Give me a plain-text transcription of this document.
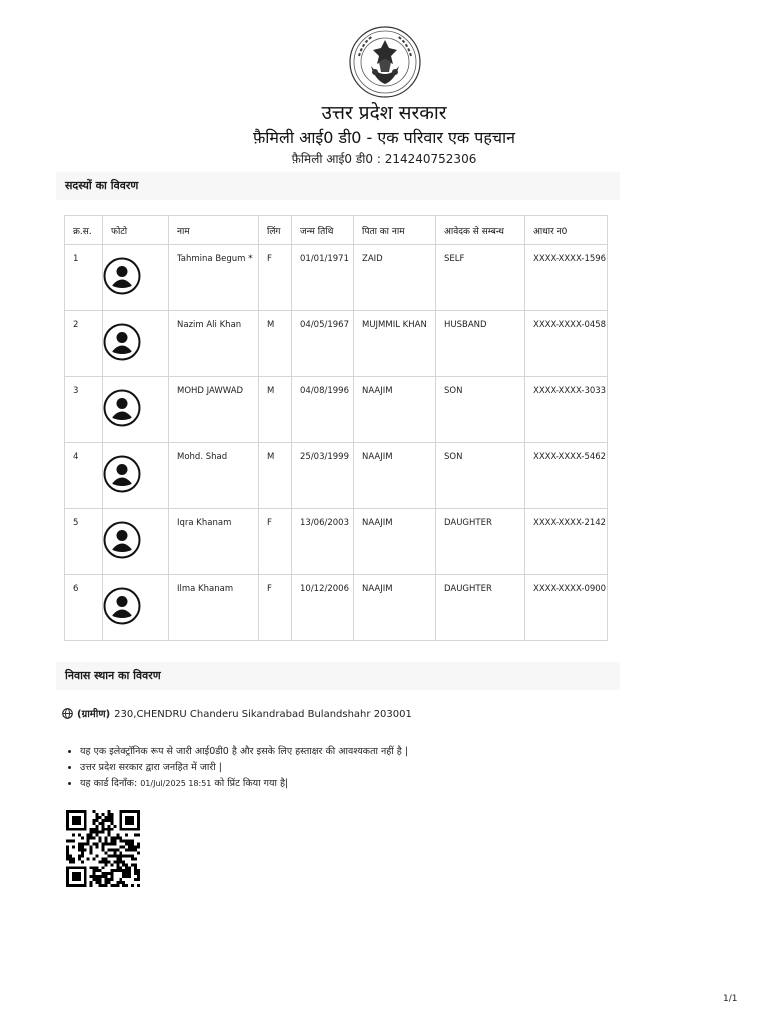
उत्तर प्रदेश सरकार
फ़ैमिली आई0 डी0 - एक परिवार एक पहचान
फ़ैमिली आई0 डी0 : 214240752306
सदस्यों का विवरण
क्र.स.	फोटो	नाम	लिंग	जन्म तिथि	पिता का नाम	आवेदक से सम्बन्ध	आधार न0
1		Tahmina Begum *	F	01/01/1971	ZAID	SELF	XXXX-XXXX-1596
2		Nazim Ali Khan	M	04/05/1967	MUJMMIL KHAN	HUSBAND	XXXX-XXXX-0458
3		MOHD JAWWAD	M	04/08/1996	NAAJIM	SON	XXXX-XXXX-3033
4		Mohd. Shad	M	25/03/1999	NAAJIM	SON	XXXX-XXXX-5462
5		Iqra Khanam	F	13/06/2003	NAAJIM	DAUGHTER	XXXX-XXXX-2142
6		Ilma Khanam	F	10/12/2006	NAAJIM	DAUGHTER	XXXX-XXXX-0900
निवास स्थान का विवरण
(ग्रामीण) 230,CHENDRU Chanderu Sikandrabad Bulandshahr 203001
• यह एक इलेक्ट्रॉनिक रूप से जारी आई0डी0 है और इसके लिए हस्ताक्षर की आवश्यकता नहीं है |
• उत्तर प्रदेश सरकार द्वारा जनहित में जारी |
• यह कार्ड दिनाँक: 01/Jul/2025 18:51 को प्रिंट किया गया है|
1/1
